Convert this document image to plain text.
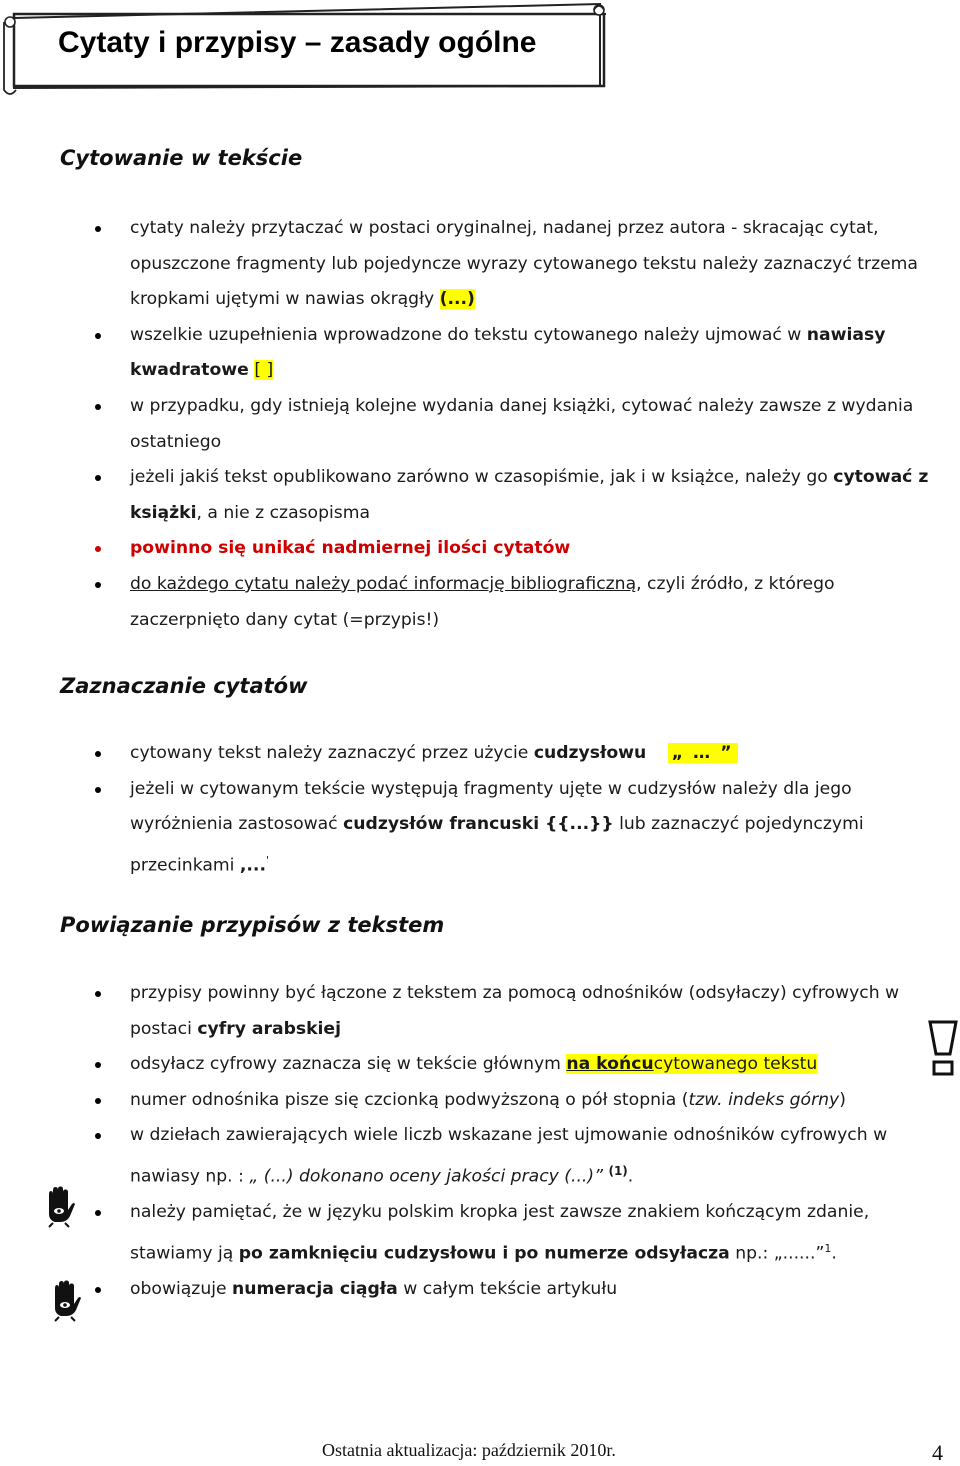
Cytaty i przypisy – zasady ogólne
Cytowanie w tekście
cytaty należy przytaczać w postaci oryginalnej, nadanej przez autora - skracając cytat, opuszczone fragmenty lub pojedyncze wyrazy cytowanego tekstu należy zaznaczyć trzema kropkami ujętymi w nawias okrągły (...)
wszelkie uzupełnienia wprowadzone do tekstu cytowanego należy ujmować w nawiasy kwadratowe [ ]
w przypadku, gdy istnieją kolejne wydania danej książki, cytować należy zawsze z wydania ostatniego
jeżeli jakiś tekst opublikowano zarówno w czasopiśmie, jak i w książce, należy go cytować z książki, a nie z czasopisma
powinno się unikać nadmiernej ilości cytatów
do każdego cytatu należy podać informację bibliograficzną, czyli źródło, z którego zaczerpnięto dany cytat (=przypis!)
Zaznaczanie cytatów
cytowany tekst należy zaznaczyć przez użycie cudzysłowu „ … ”
jeżeli w cytowanym tekście występują fragmenty ujęte w cudzysłów należy dla jego wyróżnienia zastosować cudzysłów francuski {{...}} lub zaznaczyć pojedynczymi przecinkami ,...'
Powiązanie przypisów z tekstem
przypisy powinny być łączone z tekstem za pomocą odnośników (odsyłaczy) cyfrowych w postaci cyfry arabskiej
odsyłacz cyfrowy zaznacza się w tekście głównym na końcucytowanego tekstu
numer odnośnika pisze się czcionką podwyższoną o pół stopnia (tzw. indeks górny)
w dziełach zawierających wiele liczb wskazane jest ujmowanie odnośników cyfrowych w nawiasy np. : „ (...) dokonano oceny jakości pracy (...)” $^{(1)}$.
należy pamiętać, że w języku polskim kropka jest zawsze znakiem kończącym zdanie, stawiamy ją po zamknięciu cudzysłowu i po numerze odsyłacza np.: „......”$^1$.
obowiązuje numeracja ciągła w całym tekście artykułu

Ostatnia aktualizacja: październik 2010r.	4
